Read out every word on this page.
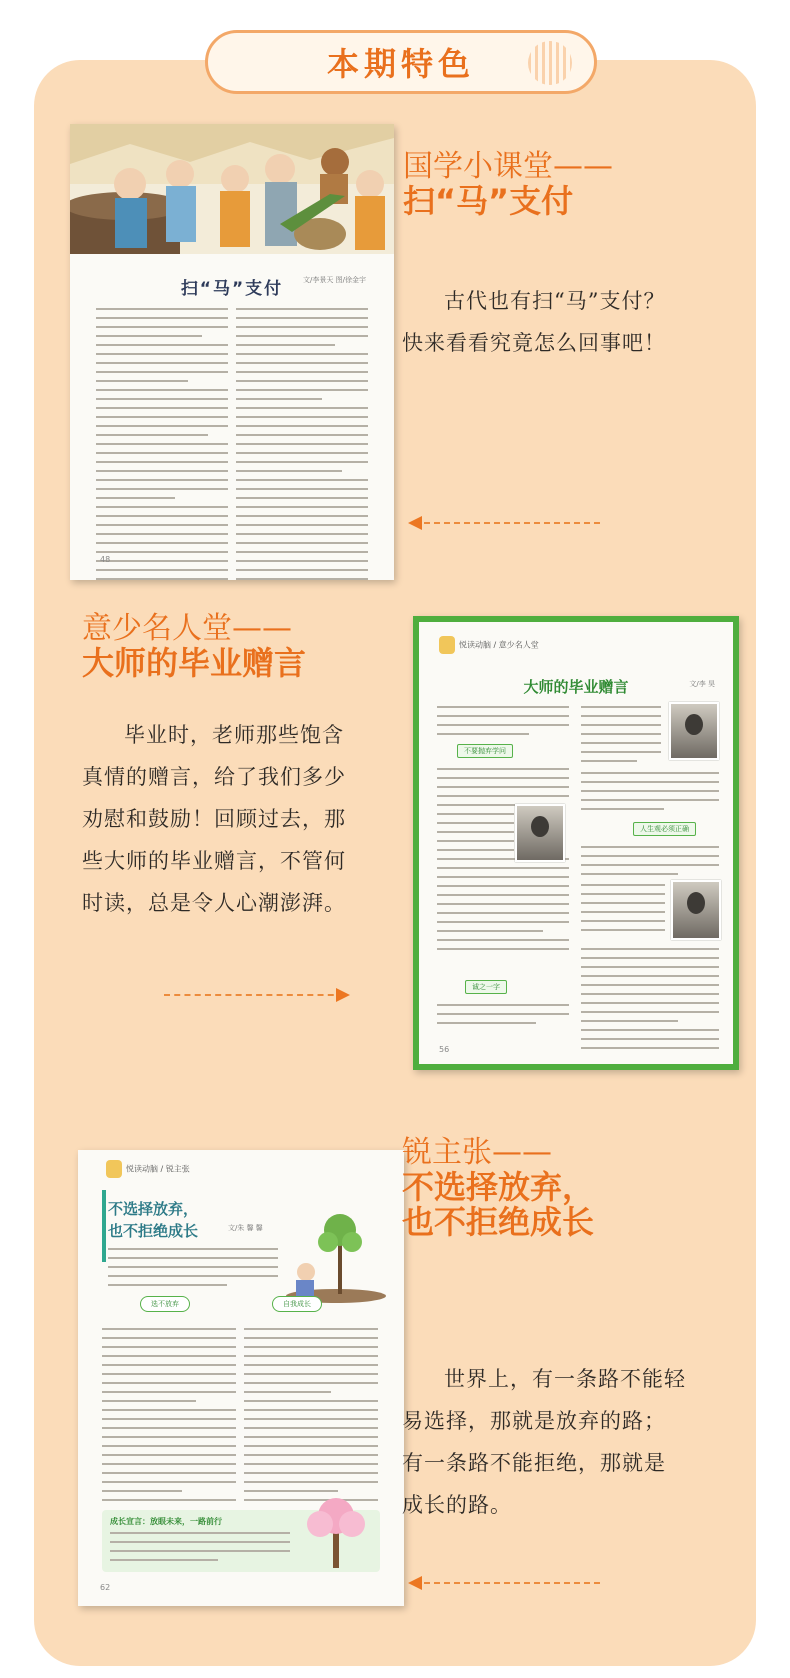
本期特色
扫“马”支付	文/李景天 图/徐金宇
48
国学小课堂——
扫“马”支付
古代也有扫“马”支付？快来看看究竟怎么回事吧！
意少名人堂——
大师的毕业赠言
毕业时，老师那些饱含真情的赠言，给了我们多少劝慰和鼓励！回顾过去，那些大师的毕业赠言，不管何时读，总是令人心潮澎湃。
悦读动脑 / 意少名人堂
大师的毕业赠言	文/李 昊
不要抛弃学问
诚之一字
人生观必须正确
56
悦读动脑 / 锐主张
不选择放弃，
也不拒绝成长	文/朱 馨 馨
选不放弃	自我成长
成长宣言：放眼未来，一路前行
62
锐主张——
不选择放弃，
也不拒绝成长
世界上，有一条路不能轻易选择，那就是放弃的路；有一条路不能拒绝，那就是成长的路。
